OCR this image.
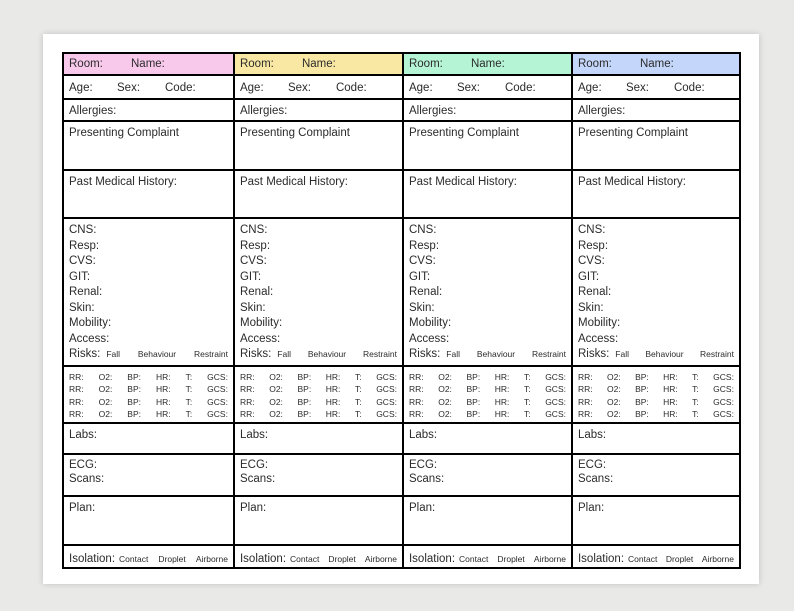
Room:	Name:
Age:	Sex:	Code:
Allergies:
Presenting Complaint
Past Medical History:
CNS:
Resp:
CVS:
GIT:
Renal:
Skin:
Mobility:
Access:
Risks: Fall Behaviour Restraint
RR: O2: BP: HR: T: GCS:
RR: O2: BP: HR: T: GCS:
RR: O2: BP: HR: T: GCS:
RR: O2: BP: HR: T: GCS:
Labs:
ECG:
Scans:
Plan:
Isolation: Contact Droplet Airborne
Room:	Name:
Age:	Sex:	Code:
Allergies:
Presenting Complaint
Past Medical History:
CNS:
Resp:
CVS:
GIT:
Renal:
Skin:
Mobility:
Access:
Risks: Fall Behaviour Restraint
RR: O2: BP: HR: T: GCS:
RR: O2: BP: HR: T: GCS:
RR: O2: BP: HR: T: GCS:
RR: O2: BP: HR: T: GCS:
Labs:
ECG:
Scans:
Plan:
Isolation: Contact Droplet Airborne
Room:	Name:
Age:	Sex:	Code:
Allergies:
Presenting Complaint
Past Medical History:
CNS:
Resp:
CVS:
GIT:
Renal:
Skin:
Mobility:
Access:
Risks: Fall Behaviour Restraint
RR: O2: BP: HR: T: GCS:
RR: O2: BP: HR: T: GCS:
RR: O2: BP: HR: T: GCS:
RR: O2: BP: HR: T: GCS:
Labs:
ECG:
Scans:
Plan:
Isolation: Contact Droplet Airborne
Room:	Name:
Age:	Sex:	Code:
Allergies:
Presenting Complaint
Past Medical History:
CNS:
Resp:
CVS:
GIT:
Renal:
Skin:
Mobility:
Access:
Risks: Fall Behaviour Restraint
RR: O2: BP: HR: T: GCS:
RR: O2: BP: HR: T: GCS:
RR: O2: BP: HR: T: GCS:
RR: O2: BP: HR: T: GCS:
Labs:
ECG:
Scans:
Plan:
Isolation: Contact Droplet Airborne
